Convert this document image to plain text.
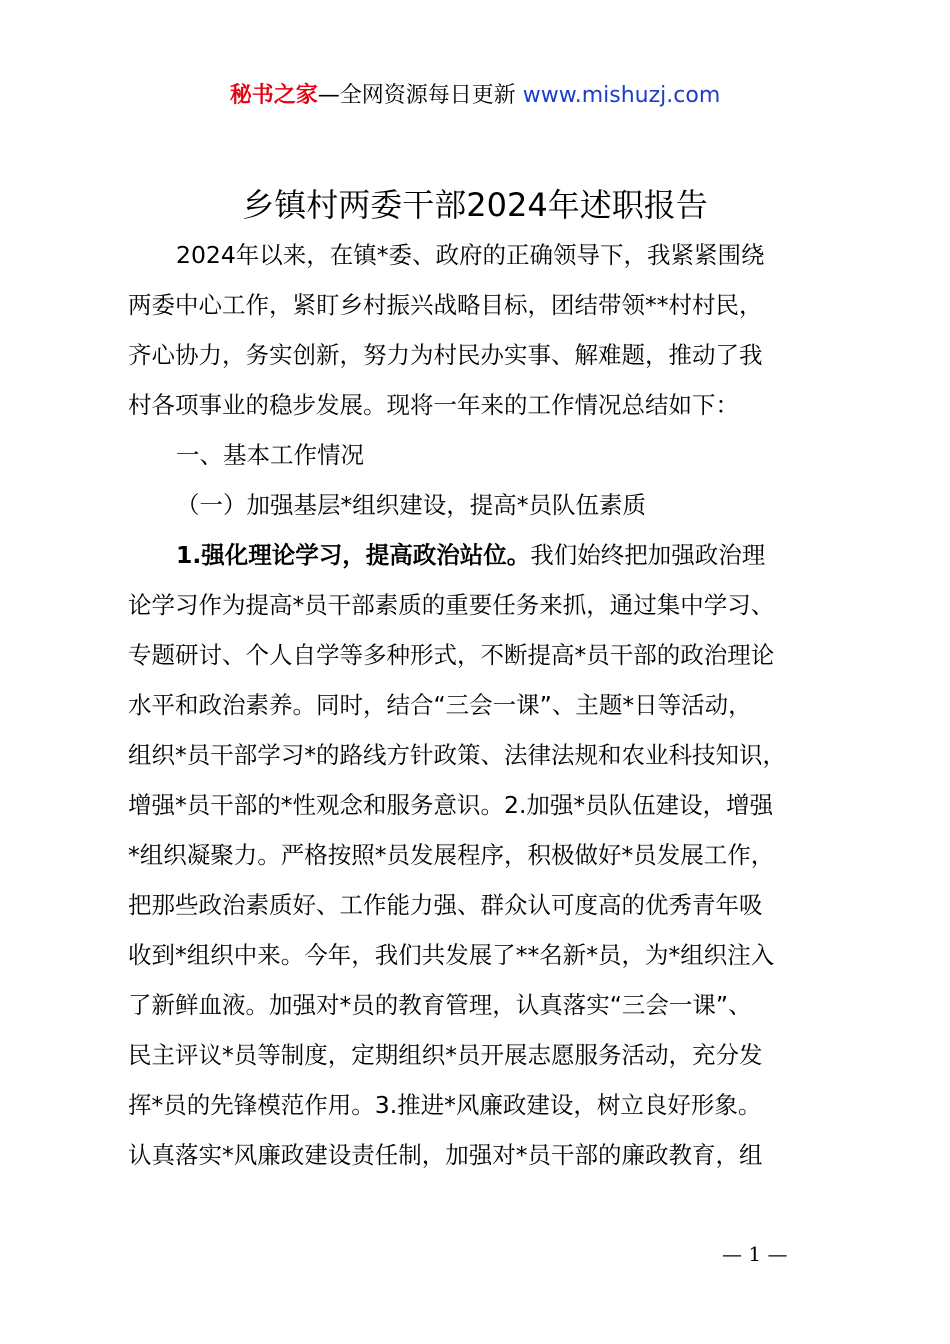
秘书之家—全网资源每日更新 www.mishuzj.com
乡镇村两委干部2024年述职报告
2024年以来，在镇*委、政府的正确领导下，我紧紧围绕
两委中心工作，紧盯乡村振兴战略目标，团结带领**村村民，
齐心协力，务实创新，努力为村民办实事、解难题，推动了我
村各项事业的稳步发展。现将一年来的工作情况总结如下：
一、基本工作情况
（一）加强基层*组织建设，提高*员队伍素质
1.强化理论学习，提高政治站位。我们始终把加强政治理
论学习作为提高*员干部素质的重要任务来抓，通过集中学习、
专题研讨、个人自学等多种形式，不断提高*员干部的政治理论
水平和政治素养。同时，结合“三会一课”、主题*日等活动，
组织*员干部学习*的路线方针政策、法律法规和农业科技知识，
增强*员干部的*性观念和服务意识。2.加强*员队伍建设，增强
*组织凝聚力。严格按照*员发展程序，积极做好*员发展工作，
把那些政治素质好、工作能力强、群众认可度高的优秀青年吸
收到*组织中来。今年，我们共发展了**名新*员，为*组织注入
了新鲜血液。加强对*员的教育管理，认真落实“三会一课”、
民主评议*员等制度，定期组织*员开展志愿服务活动，充分发
挥*员的先锋模范作用。3.推进*风廉政建设，树立良好形象。
认真落实*风廉政建设责任制，加强对*员干部的廉政教育，组
— 1 —
